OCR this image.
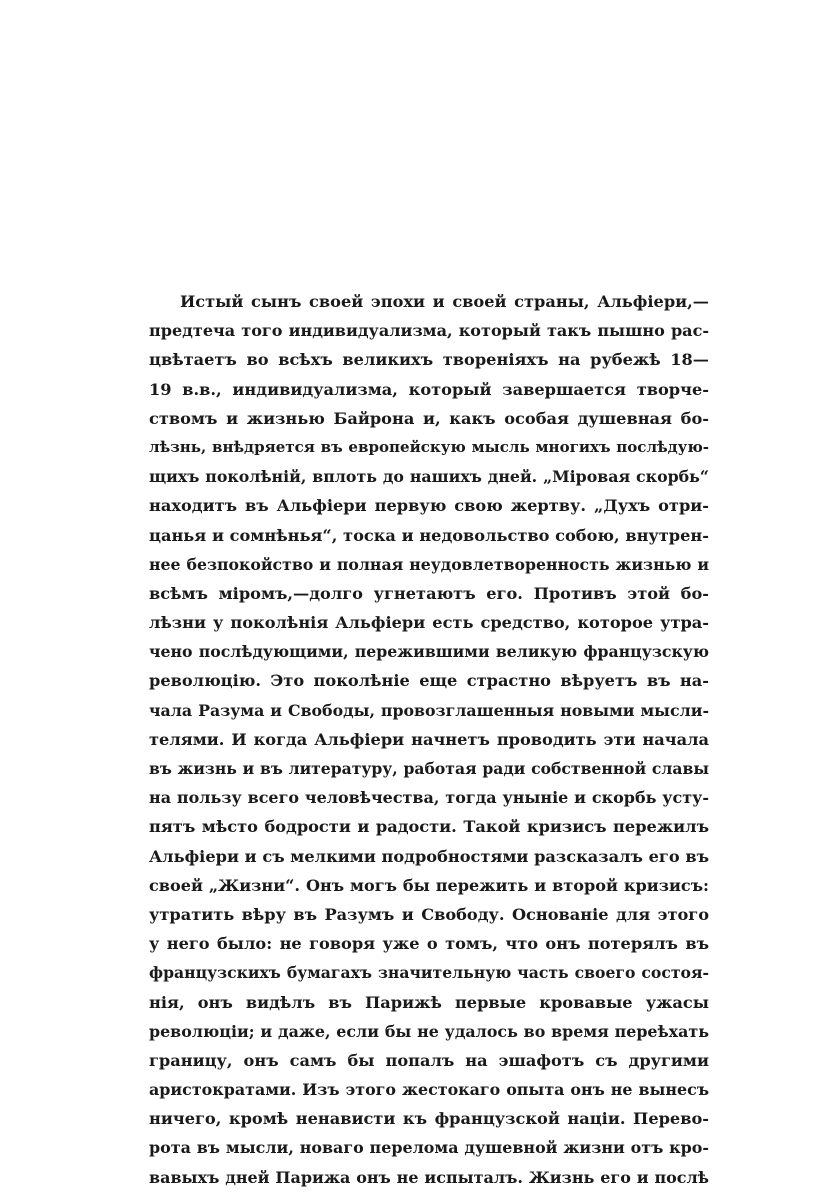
Истый сынъ своей эпохи и своей страны, Альфiери,—
предтеча того индивидуализма, который такъ пышно рас-
цвѣтаетъ во всѣхъ великихъ творенiяхъ на рубежѣ 18—
19 в.в., индивидуализма, который завершается творче-
ствомъ и жизнью Байрона и, какъ особая душевная бо-
лѣзнь, внѣдряется въ европейскую мысль многихъ послѣдую-
щихъ поколѣнiй, вплоть до нашихъ дней. „Мiровая скорбь“
находитъ въ Альфiери первую свою жертву. „Духъ отри-
цанья и сомнѣнья“, тоска и недовольство собою, внутрен-
нее безпокойство и полная неудовлетворенность жизнью и
всѣмъ мiромъ,—долго угнетаютъ его. Противъ этой бо-
лѣзни у поколѣнiя Альфiери есть средство, которое утра-
чено послѣдующими, пережившими великую французскую
революцiю. Это поколѣнiе еще страстно вѣруетъ въ на-
чала Разума и Свободы, провозглашенныя новыми мысли-
телями. И когда Альфiери начнетъ проводить эти начала
въ жизнь и въ литературу, работая ради собственной славы
на пользу всего человѣчества, тогда унынiе и скорбь усту-
пятъ мѣсто бодрости и радости. Такой кризисъ пережилъ
Альфiери и съ мелкими подробностями разсказалъ его въ
своей „Жизни“. Онъ могъ бы пережить и второй кризисъ:
утратить вѣру въ Разумъ и Свободу. Основанiе для этого
у него было: не говоря уже о томъ, что онъ потерялъ въ
французскихъ бумагахъ значительную часть своего состоя-
нiя, онъ видѣлъ въ Парижѣ первые кровавые ужасы
революцiи; и даже, если бы не удалось во время переѣхать
границу, онъ самъ бы попалъ на эшафотъ съ другими
аристократами. Изъ этого жестокаго опыта онъ не вынесъ
ничего, кромѣ ненависти къ французской нацiи. Перево-
рота въ мысли, новаго перелома душевной жизни отъ кро-
вавыхъ дней Парижа онъ не испыталъ. Жизнь его и послѣ
